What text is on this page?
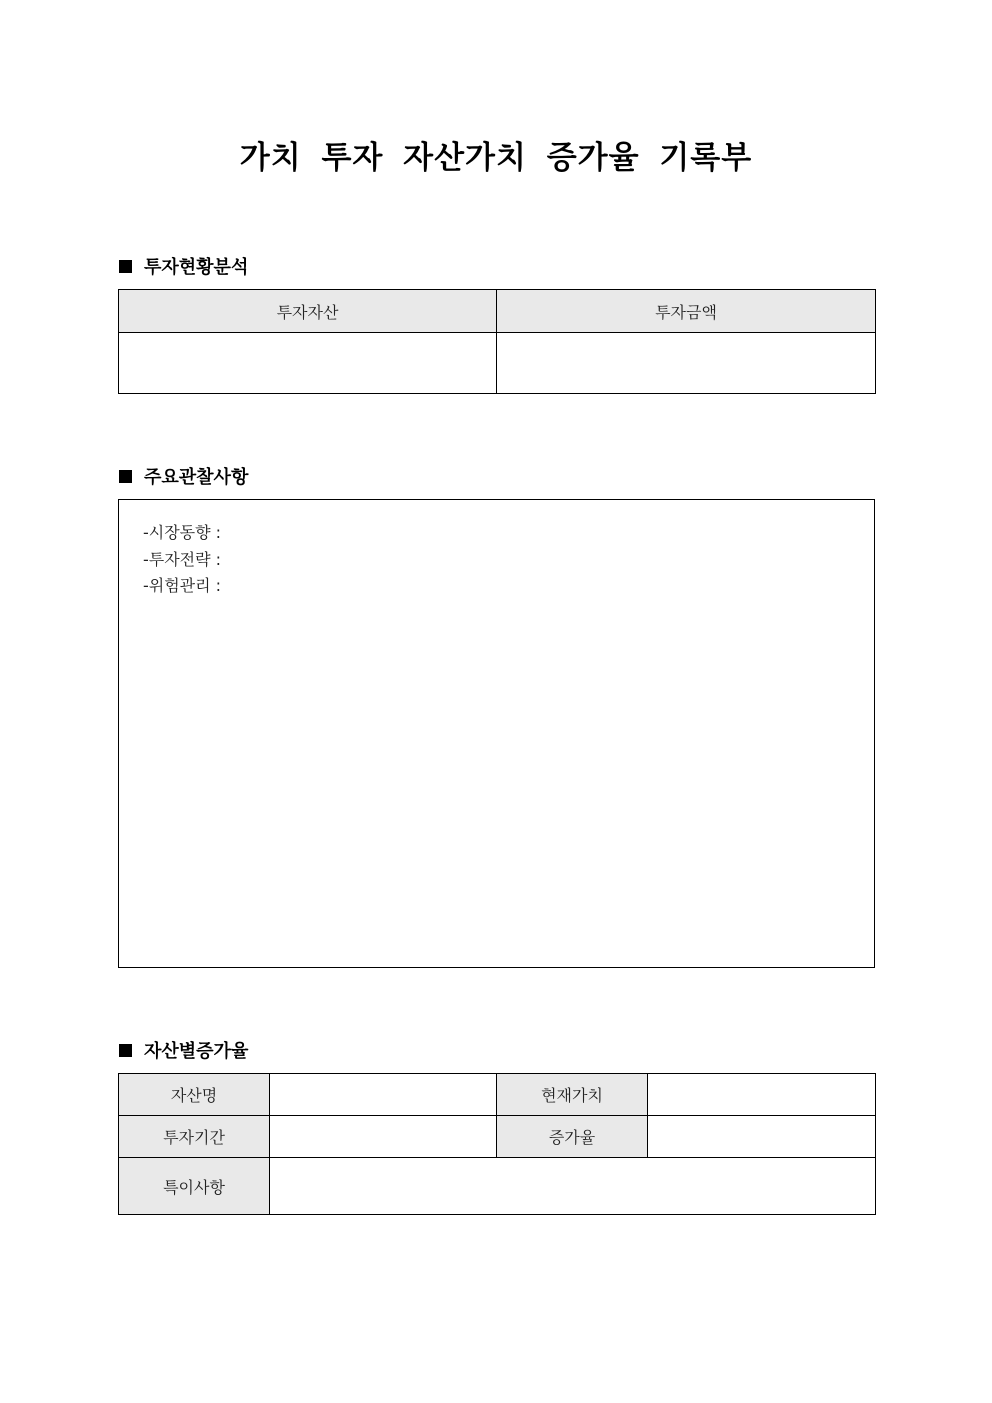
가치 투자 자산가치 증가율 기록부
투자현황분석
투자자산	투자금액

주요관찰사항
-시장동향 :
-투자전략 :
-위험관리 :
자산별증가율
자산명		현재가치	
투자기간		증가율	
특이사항			
